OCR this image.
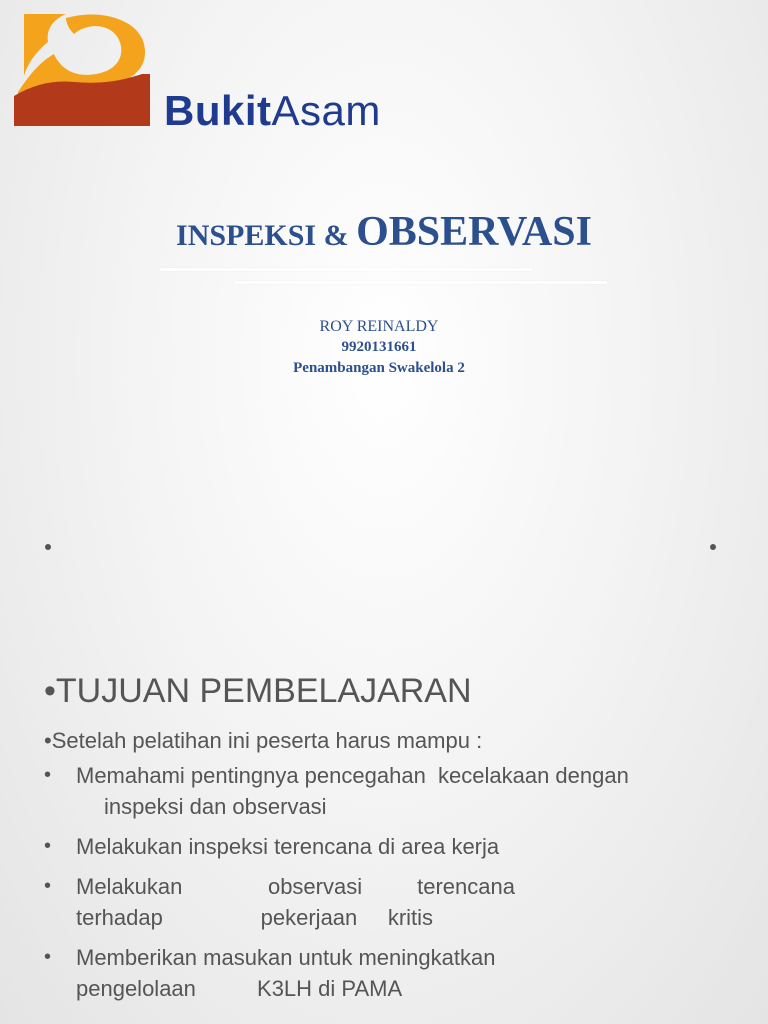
BukitAsam
INSPEKSI & OBSERVASI
ROY REINALDY
9920131661
Penambangan Swakelola 2
•TUJUAN PEMBELAJARAN
•Setelah pelatihan ini peserta harus mampu :
• Memahami pentingnya pencegahan  kecelakaan dengan
inspeksi dan observasi
• Melakukan inspeksi terencana di area kerja
• Melakukan              observasi         terencana
terhadap                pekerjaan     kritis
• Memberikan masukan untuk meningkatkan
pengelolaan          K3LH di PAMA
